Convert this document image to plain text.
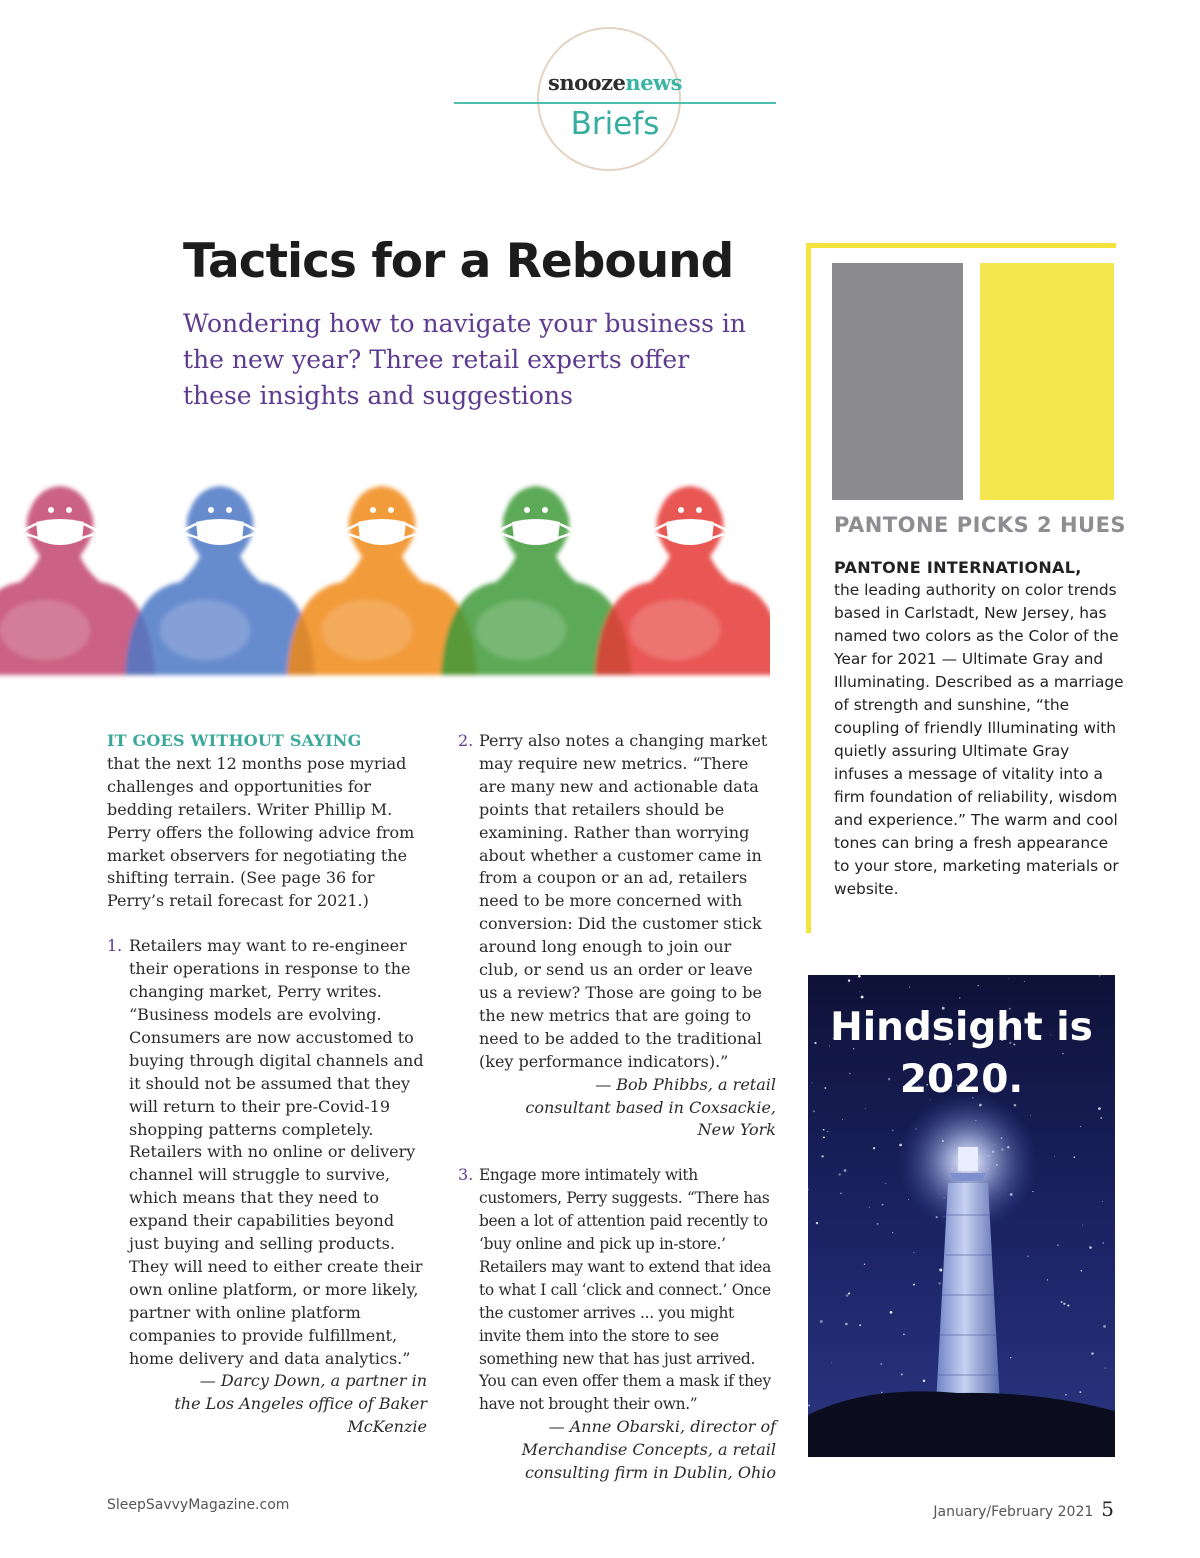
snoozenews
Briefs
Tactics for a Rebound
Wondering how to navigate your business in the new year? Three retail experts offer these insights and suggestions
IT GOES WITHOUT SAYING
that the next 12 months pose myriad challenges and opportunities for bedding retailers. Writer Phillip M. Perry offers the following advice from market observers for negotiating the shifting terrain. (See page 36 for Perry’s retail forecast for 2021.)
1. Retailers may want to re-engineer their operations in response to the changing market, Perry writes. “Business models are evolving. Consumers are now accustomed to buying through digital channels and it should not be assumed that they will return to their pre-Covid-19 shopping patterns completely. Retailers with no online or delivery channel will struggle to survive, which means that they need to expand their capabilities beyond just buying and selling products. They will need to either create their own online platform, or more likely, partner with online platform companies to provide fulfillment, home delivery and data analytics.”
— Darcy Down, a partner in the Los Angeles office of Baker McKenzie
2. Perry also notes a changing market may require new metrics. “There are many new and actionable data points that retailers should be examining. Rather than worrying about whether a customer came in from a coupon or an ad, retailers need to be more concerned with conversion: Did the customer stick around long enough to join our club, or send us an order or leave us a review? Those are going to be the new metrics that are going to need to be added to the traditional (key performance indicators).”
— Bob Phibbs, a retail consultant based in Coxsackie, New York
3. Engage more intimately with customers, Perry suggests. “There has been a lot of attention paid recently to ‘buy online and pick up in-store.’ Retailers may want to extend that idea to what I call ‘click and connect.’ Once the customer arrives ... you might invite them into the store to see something new that has just arrived. You can even offer them a mask if they have not brought their own.”
— Anne Obarski, director of Merchandise Concepts, a retail consulting firm in Dublin, Ohio
PANTONE PICKS 2 HUES
PANTONE INTERNATIONAL,
the leading authority on color trends based in Carlstadt, New Jersey, has named two colors as the Color of the Year for 2021 — Ultimate Gray and Illuminating. Described as a marriage of strength and sunshine, “the coupling of friendly Illuminating with quietly assuring Ultimate Gray infuses a message of vitality into a firm foundation of reliability, wisdom and experience.” The warm and cool tones can bring a fresh appearance to your store, marketing materials or website.
Hindsight is
2020.
SleepSavvyMagazine.com	January/February 2021 5
